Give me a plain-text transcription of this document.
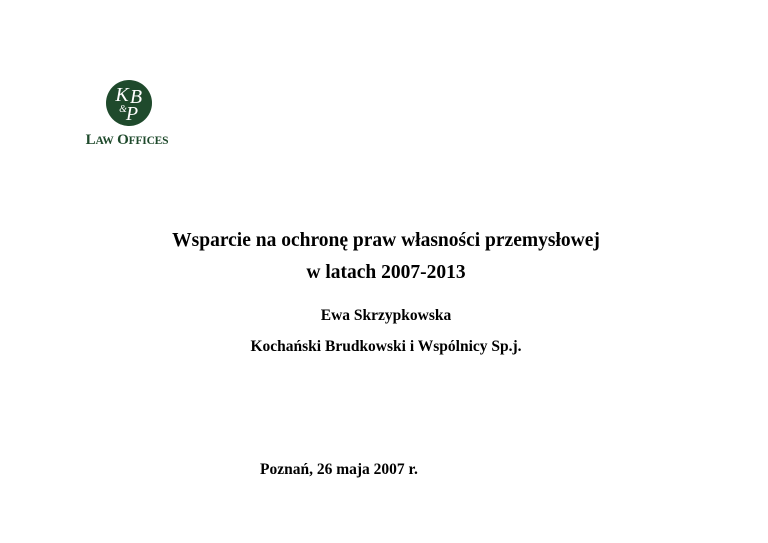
K B
& P
LAW OFFICES
Wsparcie na ochronę praw własności przemysłowej
w latach 2007-2013
Ewa Skrzypkowska
Kochański Brudkowski i Wspólnicy Sp.j.
Poznań, 26 maja 2007 r.
